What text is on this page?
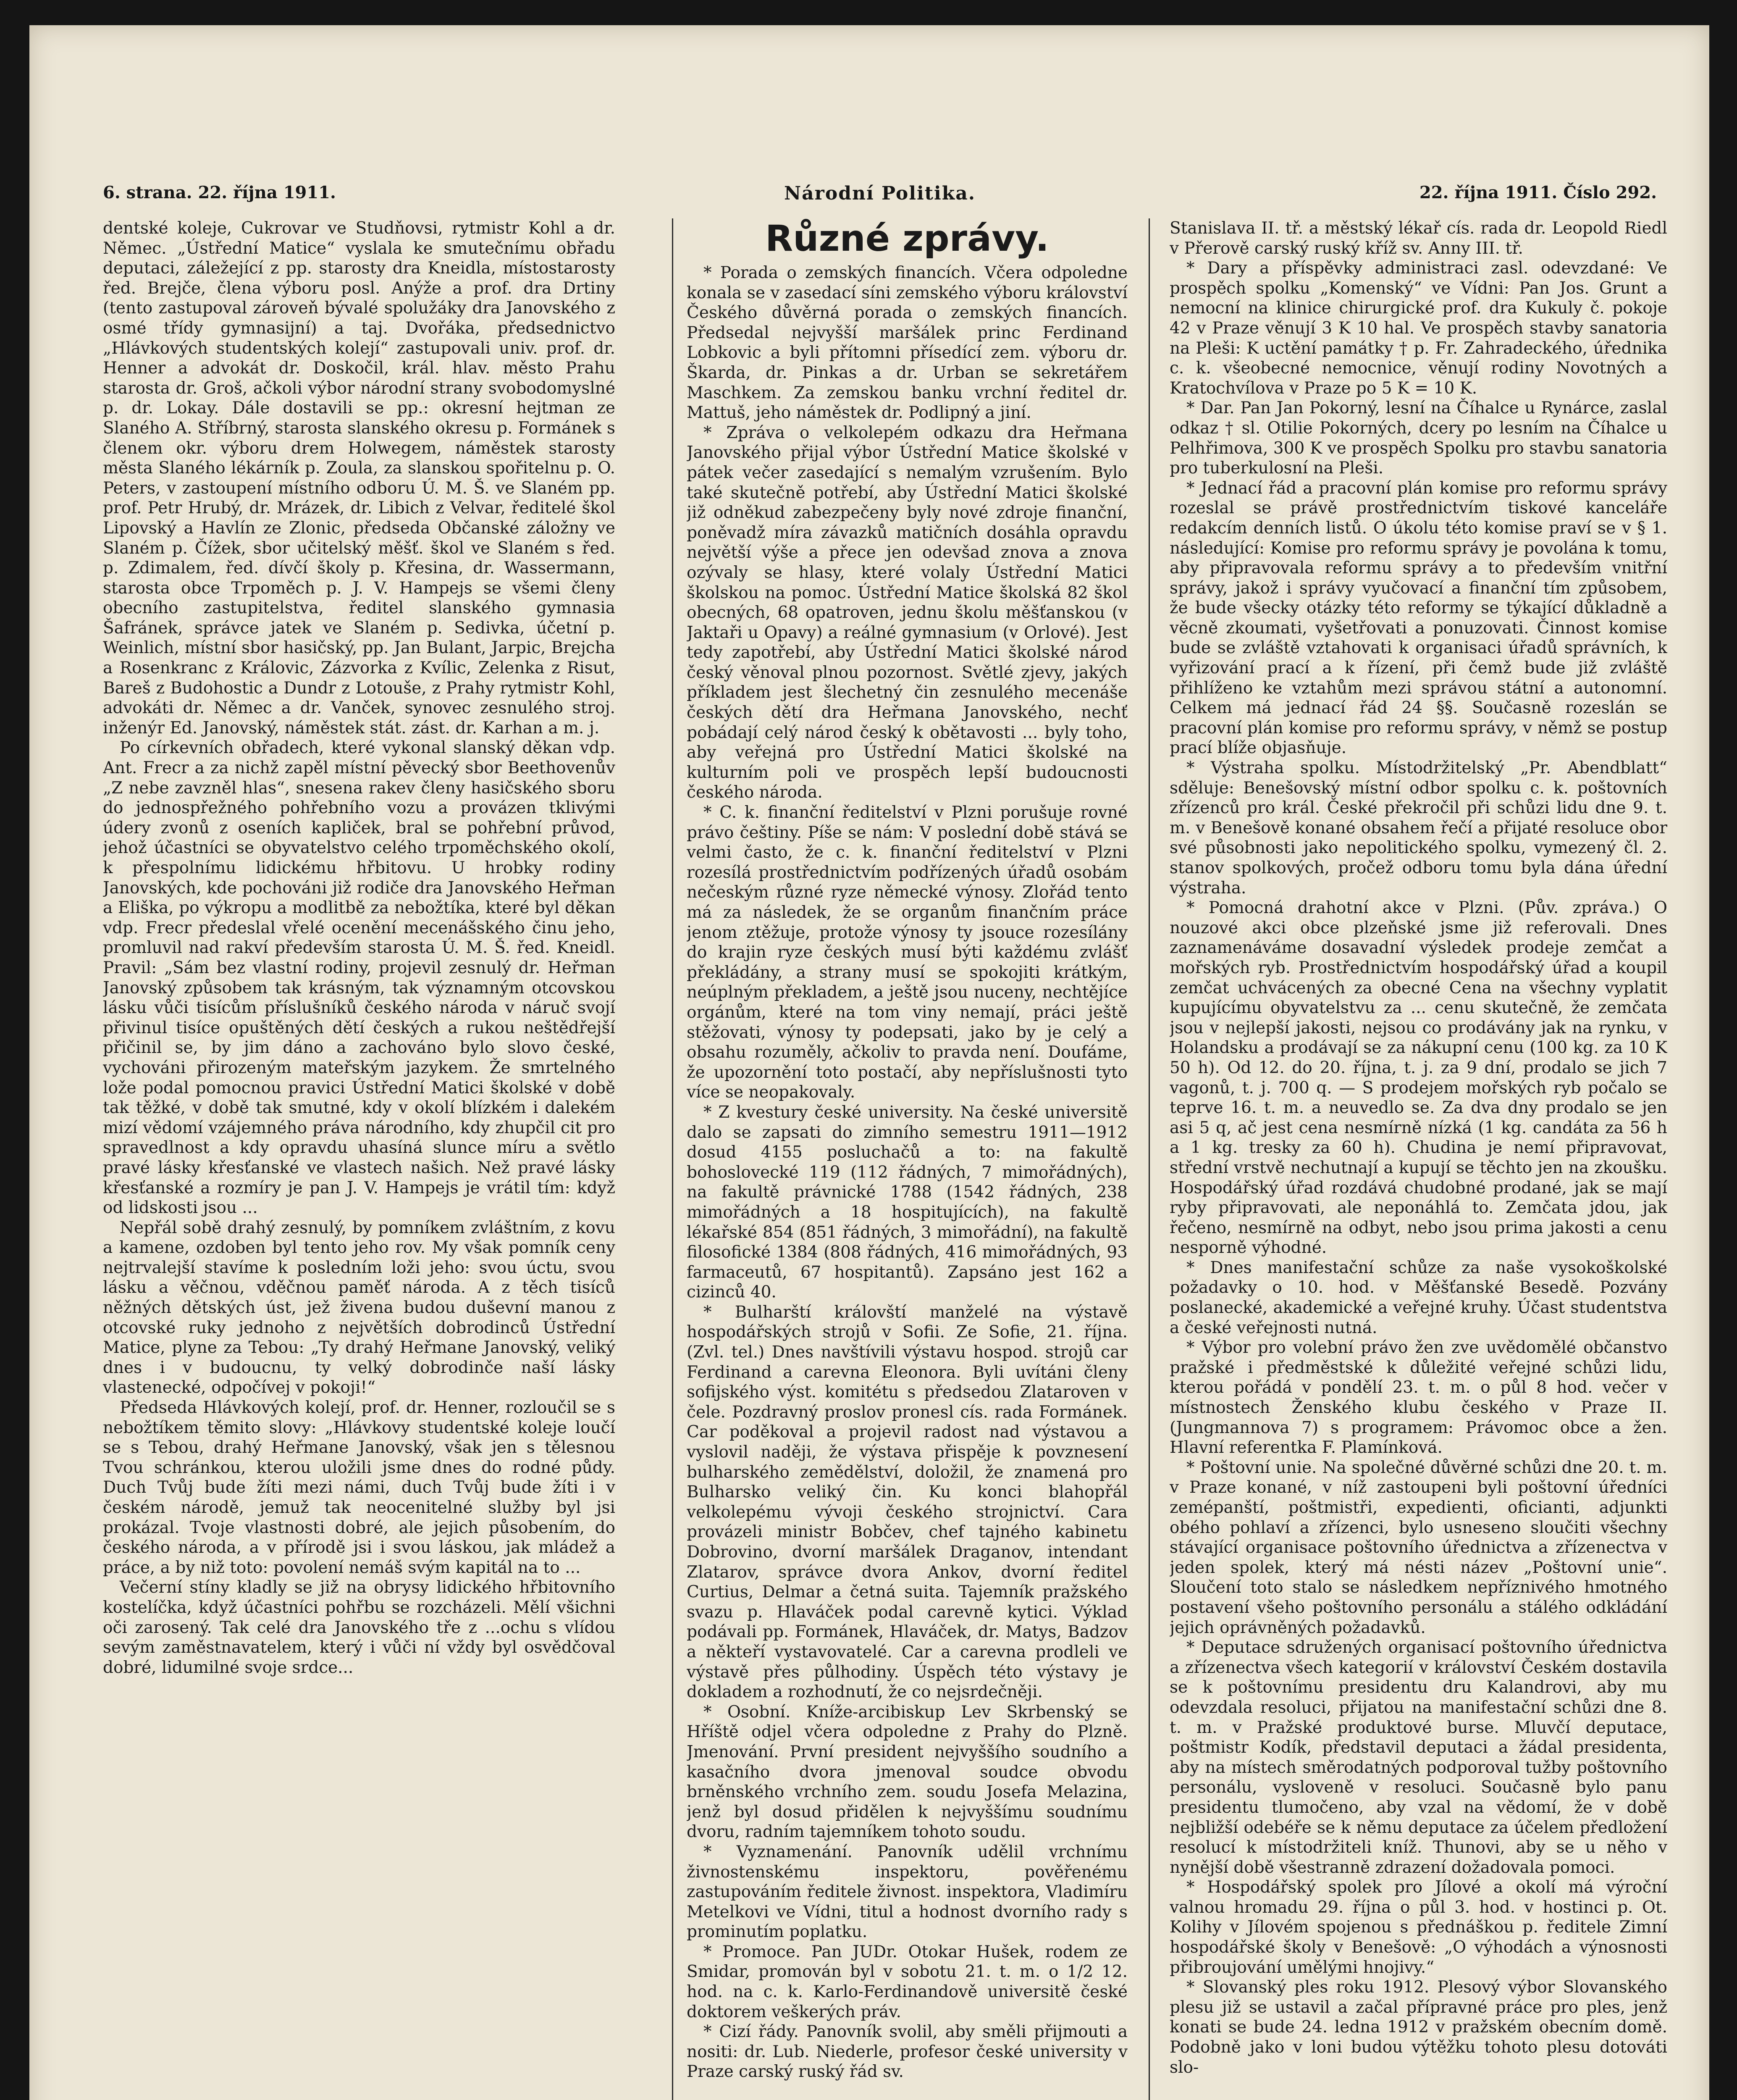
6. strana. 22. října 1911.	Národní Politika.	22. října 1911. Číslo 292.

dentské koleje, Cukrovar ve Studňovsi, rytmistr Kohl a dr. Němec. „Ústřední Matice“ vyslala ke smutečnímu obřadu deputaci, záležející z pp. starosty dra Kneidla, místostarosty řed. Brejče, člena výboru posl. Anýže a prof. dra Drtiny (tento zastupoval zároveň bývalé spolužáky dra Janovského z osmé třídy gymnasijní) a taj. Dvořáka, předsednictvo „Hlávkových studentských kolejí“ zastupovali univ. prof. dr. Henner a advokát dr. Doskočil, král. hlav. město Prahu starosta dr. Groš, ačkoli výbor národní strany svobodomyslné p. dr. Lokay. Dále dostavili se pp.: okresní hejtman ze Slaného A. Stříbrný, starosta slanského okresu p. Formánek s členem okr. výboru drem Holwegem, náměstek starosty města Slaného lékárník p. Zoula, za slanskou spořitelnu p. O. Peters, v zastoupení místního odboru Ú. M. Š. ve Slaném pp. prof. Petr Hrubý, dr. Mrázek, dr. Libich z Velvar, ředitelé škol Lipovský a Havlín ze Zlonic, předseda Občanské záložny ve Slaném p. Čížek, sbor učitelský měšť. škol ve Slaném s řed. p. Zdimalem, řed. dívčí školy p. Křesina, dr. Wassermann, starosta obce Trpoměch p. J. V. Hampejs se všemi členy obecního zastupitelstva, ředitel slanského gymnasia Šafránek, správce jatek ve Slaném p. Sedivka, účetní p. Weinlich, místní sbor hasičský, pp. Jan Bulant, Jarpic, Brejcha a Rosenkranc z Královic, Zázvorka z Kvílic, Zelenka z Risut, Bareš z Budohostic a Dundr z Lotouše, z Prahy rytmistr Kohl, advokáti dr. Němec a dr. Vanček, synovec zesnulého stroj. inženýr Ed. Janovský, náměstek stát. zást. dr. Karhan a m. j.

Po církevních obřadech, které vykonal slanský děkan vdp. Ant. Frecr a za nichž zapěl místní pěvecký sbor Beethovenův „Z nebe zavzněl hlas“, snesena rakev členy hasičského sboru do jednospřežného pohřebního vozu a provázen tklivými údery zvonů z oseních kapliček, bral se pohřební průvod, jehož účastníci se obyvatelstvo celého trpoměchského okolí, k přespolnímu lidickému hřbitovu. U hrobky rodiny Janovských, kde pochováni již rodiče dra Janovského Heřman a Eliška, po výkropu a modlitbě za nebožtíka, které byl děkan vdp. Frecr předeslal vřelé ocenění mecenášského činu jeho, promluvil nad rakví především starosta Ú. M. Š. řed. Kneidl. Pravil: „Sám bez vlastní rodiny, projevil zesnulý dr. Heřman Janovský způsobem tak krásným, tak významným otcovskou lásku vůči tisícům příslušníků českého národa v náruč svojí přivinul tisíce opuštěných dětí českých a rukou neštědřejší přičinil se, by jim dáno a zachováno bylo slovo české, vychováni přirozeným mateřským jazykem. Že smrtelného lože podal pomocnou pravici Ústřední Matici školské v době tak těžké, v době tak smutné, kdy v okolí blízkém i dalekém mizí vědomí vzájemného práva národního, kdy zhupčil cit pro spravedlnost a kdy opravdu uhasíná slunce míru a světlo pravé lásky křesťanské ve vlastech našich. Než pravé lásky křesťanské a rozmíry je pan J. V. Hampejs je vrátil tím: když od lidskosti jsou ...

Nepřál sobě drahý zesnulý, by pomníkem zvláštním, z kovu a kamene, ozdoben byl tento jeho rov. My však pomník ceny nejtrvalejší stavíme k posledním loži jeho: svou úctu, svou lásku a věčnou, vděčnou paměť národa. A z těch tisíců něžných dětských úst, jež živena budou duševní manou z otcovské ruky jednoho z největších dobrodinců Ústřední Matice, plyne za Tebou: „Ty drahý Heřmane Janovský, veliký dnes i v budoucnu, ty velký dobrodinče naší lásky vlastenecké, odpočívej v pokoji!“

Předseda Hlávkových kolejí, prof. dr. Henner, rozloučil se s nebožtíkem těmito slovy: „Hlávkovy studentské koleje loučí se s Tebou, drahý Heřmane Janovský, však jen s tělesnou Tvou schránkou, kterou uložili jsme dnes do rodné půdy. Duch Tvůj bude žíti mezi námi, duch Tvůj bude žíti i v českém národě, jemuž tak neocenitelné služby byl jsi prokázal. Tvoje vlastnosti dobré, ale jejich působením, do českého národa, a v přírodě jsi i svou láskou, jak mládež a práce, a by niž toto: povolení nemáš svým kapitál na to ...

Večerní stíny kladly se již na obrysy lidického hřbitovního kostelíčka, když účastníci pohřbu se rozcházeli. Mělí všichni oči zarosený. Tak celé dra Janovského tře z ...ochu s vlídou sevým zaměstnavatelem, který i vůči ní vždy byl osvědčoval dobré, lidumilné svoje srdce...

Různé zprávy.

* Porada o zemských financích. Včera odpoledne konala se v zasedací síni zemského výboru království Českého důvěrná porada o zemských financích. Předsedal nejvyšší maršálek princ Ferdinand Lobkovic a byli přítomni přísedící zem. výboru dr. Škarda, dr. Pinkas a dr. Urban se sekretářem Maschkem. Za zemskou banku vrchní ředitel dr. Mattuš, jeho náměstek dr. Podlipný a jiní.

* Zpráva o velkolepém odkazu dra Heřmana Janovského přijal výbor Ústřední Matice školské v pátek večer zasedající s nemalým vzrušením. Bylo také skutečně potřebí, aby Ústřední Matici školské již odněkud zabezpečeny byly nové zdroje finanční, poněvadž míra závazků matičních dosáhla opravdu největší výše a přece jen odevšad znova a znova ozývaly se hlasy, které volaly Ústřední Matici školskou na pomoc. Ústřední Matice školská 82 škol obecných, 68 opatroven, jednu školu měšťanskou (v Jaktaři u Opavy) a reálné gymnasium (v Orlové). Jest tedy zapotřebí, aby Ústřední Matici školské národ český věnoval plnou pozornost. Světlé zjevy, jakých příkladem jest šlechetný čin zesnulého mecenáše českých dětí dra Heřmana Janovského, nechť pobádají celý národ český k obětavosti ... byly toho, aby veřejná pro Ústřední Matici školské na kulturním poli ve prospěch lepší budoucnosti českého národa.

* C. k. finanční ředitelství v Plzni porušuje rovné právo češtiny. Píše se nám: V poslední době stává se velmi často, že c. k. finanční ředitelství v Plzni rozesílá prostřednictvím podřízených úřadů osobám nečeským různé ryze německé výnosy. Zlořád tento má za následek, že se organům finančním práce jenom ztěžuje, protože výnosy ty jsouce rozesílány do krajin ryze českých musí býti každému zvlášť překládány, a strany musí se spokojiti krátkým, neúplným překladem, a ještě jsou nuceny, nechtějíce orgánům, které na tom viny nemají, práci ještě stěžovati, výnosy ty podepsati, jako by je celý a obsahu rozuměly, ačkoliv to pravda není. Doufáme, že upozornění toto postačí, aby nepříslušnosti tyto více se neopakovaly.

* Z kvestury české university. Na české universitě dalo se zapsati do zimního semestru 1911—1912 dosud 4155 posluchačů a to: na fakultě bohoslovecké 119 (112 řádných, 7 mimořádných), na fakultě právnické 1788 (1542 řádných, 238 mimořádných a 18 hospitujících), na fakultě lékařské 854 (851 řádných, 3 mimořádní), na fakultě filosofické 1384 (808 řádných, 416 mimořádných, 93 farmaceutů, 67 hospitantů). Zapsáno jest 162 a cizinců 40.

* Bulharští královští manželé na výstavě hospodářských strojů v Sofii. Ze Sofie, 21. října. (Zvl. tel.) Dnes navštívili výstavu hospod. strojů car Ferdinand a carevna Eleonora. Byli uvítáni členy sofijského výst. komitétu s předsedou Zlataroven v čele. Pozdravný proslov pronesl cís. rada Formánek. Car poděkoval a projevil radost nad výstavou a vyslovil naději, že výstava přispěje k povznesení bulharského zemědělství, doložil, že znamená pro Bulharsko veliký čin. Ku konci blahopřál velkolepému vývoji českého strojnictví. Cara provázeli ministr Bobčev, chef tajného kabinetu Dobrovino, dvorní maršálek Draganov, intendant Zlatarov, správce dvora Ankov, dvorní ředitel Curtius, Delmar a četná suita. Tajemník pražského svazu p. Hlaváček podal carevně kytici. Výklad podávali pp. Formánek, Hlaváček, dr. Matys, Badzov a někteří vystavovatelé. Car a carevna prodleli ve výstavě přes půlhodiny. Úspěch této výstavy je dokladem a rozhodnutí, že co nejsrdečněji.

* Osobní. Kníže-arcibiskup Lev Skrbenský se Hříště odjel včera odpoledne z Prahy do Plzně. Jmenování. První president nejvyššího soudního a kasačního dvora jmenoval soudce obvodu brněnského vrchního zem. soudu Josefa Melazina, jenž byl dosud přidělen k nejvyššímu soudnímu dvoru, radním tajemníkem tohoto soudu.

* Vyznamenání. Panovník udělil vrchnímu živnostenskému inspektoru, pověřenému zastupováním ředitele živnost. inspektora, Vladimíru Metelkovi ve Vídni, titul a hodnost dvorního rady s prominutím poplatku.

* Promoce. Pan JUDr. Otokar Hušek, rodem ze Smidar, promován byl v sobotu 21. t. m. o 1/2 12. hod. na c. k. Karlo-Ferdinandově universitě české doktorem veškerých práv.

* Cizí řády. Panovník svolil, aby směli přijmouti a nositi: dr. Lub. Niederle, profesor české university v Praze carský ruský řád sv.

Stanislava II. tř. a městský lékař cís. rada dr. Leopold Riedl v Přerově carský ruský kříž sv. Anny III. tř.

* Dary a příspěvky administraci zasl. odevzdané: Ve prospěch spolku „Komenský“ ve Vídni: Pan Jos. Grunt a nemocní na klinice chirurgické prof. dra Kukuly č. pokoje 42 v Praze věnují 3 K 10 hal. Ve prospěch stavby sanatoria na Pleši: K uctění památky † p. Fr. Zahradeckého, úřednika c. k. všeobecné nemocnice, věnují rodiny Novotných a Kratochvílova v Praze po 5 K = 10 K.

* Dar. Pan Jan Pokorný, lesní na Číhalce u Rynárce, zaslal odkaz † sl. Otilie Pokorných, dcery po lesním na Číhalce u Pelhřimova, 300 K ve prospěch Spolku pro stavbu sanatoria pro tuberkulosní na Pleši.

* Jednací řád a pracovní plán komise pro reformu správy rozeslal se právě prostřednictvím tiskové kanceláře redakcím denních listů. O úkolu této komise praví se v § 1. následující: Komise pro reformu správy je povolána k tomu, aby připravovala reformu správy a to především vnitřní správy, jakož i správy vyučovací a finanční tím způsobem, že bude všecky otázky této reformy se týkající důkladně a věcně zkoumati, vyšetřovati a ponuzovati. Činnost komise bude se zvláště vztahovati k organisaci úřadů správních, k vyřizování prací a k řízení, při čemž bude již zvláště přihlíženo ke vztahům mezi správou státní a autonomní. Celkem má jednací řád 24 §§. Současně rozeslán se pracovní plán komise pro reformu správy, v němž se postup prací blíže objasňuje.

* Výstraha spolku. Místodržitelský „Pr. Abendblatt“ sděluje: Benešovský místní odbor spolku c. k. poštovních zřízenců pro král. České překročil při schůzi lidu dne 9. t. m. v Benešově konané obsahem řečí a přijaté resoluce obor své působnosti jako nepolitického spolku, vymezený čl. 2. stanov spolkových, pročež odboru tomu byla dána úřední výstraha.

* Pomocná drahotní akce v Plzni. (Pův. zpráva.) O nouzové akci obce plzeňské jsme již referovali. Dnes zaznamenáváme dosavadní výsledek prodeje zemčat a mořských ryb. Prostřednictvím hospodářský úřad a koupil zemčat uchvácených za obecné Cena na všechny vyplatit kupujícímu obyvatelstvu za ... cenu skutečně, že zemčata jsou v nejlepší jakosti, nejsou co prodávány jak na rynku, v Holandsku a prodávají se za nákupní cenu (100 kg. za 10 K 50 h). Od 12. do 20. října, t. j. za 9 dní, prodalo se jich 7 vagonů, t. j. 700 q. — S prodejem mořských ryb počalo se teprve 16. t. m. a neuvedlo se. Za dva dny prodalo se jen asi 5 q, ač jest cena nesmírně nízká (1 kg. candáta za 56 h a 1 kg. tresky za 60 h). Chudina je nemí připravovat, střední vrstvě nechutnají a kupují se těchto jen na zkoušku. Hospodářský úřad rozdává chudobné prodané, jak se mají ryby připravovati, ale neponáhlá to. Zemčata jdou, jak řečeno, nesmírně na odbyt, nebo jsou prima jakosti a cenu nesporně výhodné.

* Dnes manifestační schůze za naše vysokoškolské požadavky o 10. hod. v Měšťanské Besedě. Pozvány poslanecké, akademické a veřejné kruhy. Účast studentstva a české veřejnosti nutná.

* Výbor pro volební právo žen zve uvědomělé občanstvo pražské i předměstské k důležité veřejné schůzi lidu, kterou pořádá v pondělí 23. t. m. o půl 8 hod. večer v místnostech Ženského klubu českého v Praze II. (Jungmannova 7) s programem: Právomoc obce a žen. Hlavní referentka F. Plamínková.

* Poštovní unie. Na společné důvěrné schůzi dne 20. t. m. v Praze konané, v níž zastoupeni byli poštovní úředníci zemépanští, poštmistři, expedienti, oficianti, adjunkti obého pohlaví a zřízenci, bylo usneseno sloučiti všechny stávající organisace poštovního úřednictva a zřízenectva v jeden spolek, který má nésti název „Poštovní unie“. Sloučení toto stalo se následkem nepříznivého hmotného postavení všeho poštovního personálu a stálého odkládání jejich oprávněných požadavků.

* Deputace sdružených organisací poštovního úřednictva a zřízenectva všech kategorií v království Českém dostavila se k poštovnímu presidentu dru Kalandrovi, aby mu odevzdala resoluci, přijatou na manifestační schůzi dne 8. t. m. v Pražské produktové burse. Mluvčí deputace, poštmistr Kodík, představil deputaci a žádal presidenta, aby na místech směrodatných podporoval tužby poštovního personálu, vysloveně v resoluci. Současně bylo panu presidentu tlumočeno, aby vzal na vědomí, že v době nejbližší odebéře se k němu deputace za účelem předložení resolucí k místodržiteli kníž. Thunovi, aby se u něho v nynější době všestranně zdrazení dožadovala pomoci.

* Hospodářský spolek pro Jílové a okolí má výroční valnou hromadu 29. října o půl 3. hod. v hostinci p. Ot. Kolihy v Jílovém spojenou s přednáškou p. ředitele Zimní hospodářské školy v Benešově: „O výhodách a výnosnosti přibroujování umělými hnojivy.“

* Slovanský ples roku 1912. Plesový výbor Slovanského plesu již se ustavil a začal přípravné práce pro ples, jenž konati se bude 24. ledna 1912 v pražském obecním domě. Podobně jako v loni budou výtěžku tohoto plesu dotováti slo-
